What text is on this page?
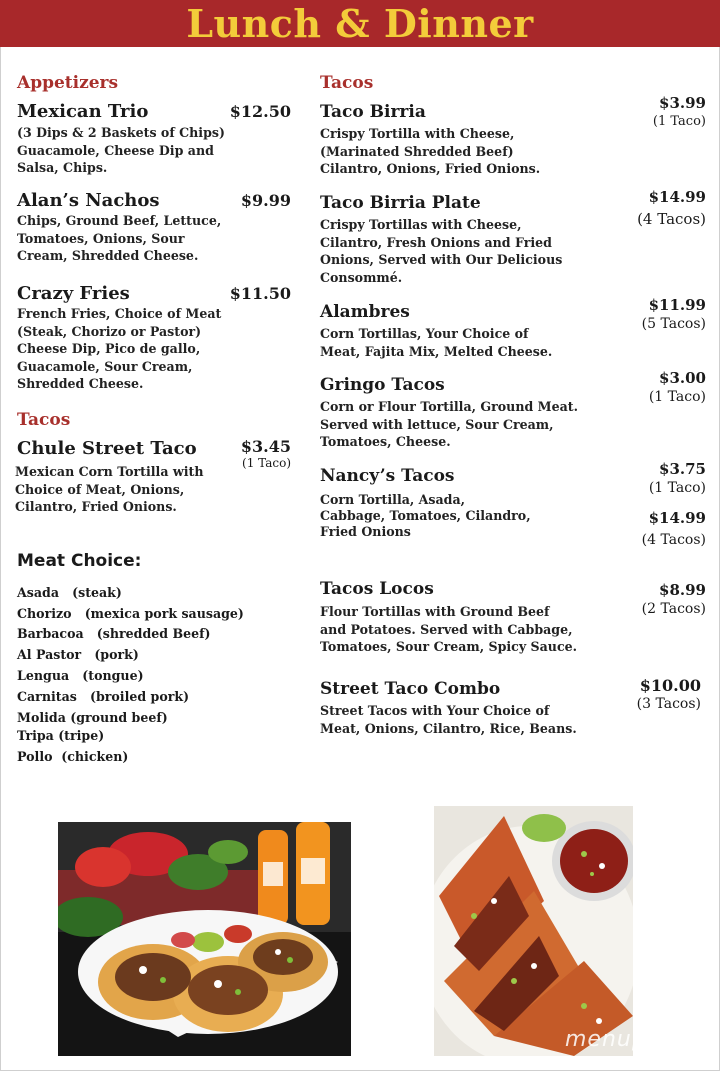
Lunch & Dinner
Appetizers
Mexican Trio	$12.50
(3 Dips & 2 Baskets of Chips)
Guacamole, Cheese Dip and
Salsa, Chips.
Alan’s Nachos	$9.99
Chips, Ground Beef, Lettuce,
Tomatoes, Onions, Sour
Cream, Shredded Cheese.
Crazy Fries	$11.50
French Fries, Choice of Meat
(Steak, Chorizo or Pastor)
Cheese Dip, Pico de gallo,
Guacamole, Sour Cream,
Shredded Cheese.
Tacos
Chule Street Taco	$3.45
(1 Taco)
Mexican Corn Tortilla with
Choice of Meat, Onions,
Cilantro, Fried Onions.
Meat Choice:
Asada   (steak)
Chorizo   (mexica pork sausage)
Barbacoa   (shredded Beef)
Al Pastor   (pork)
Lengua   (tongue)
Carnitas   (broiled pork)
Molida (ground beef)
Tripa (tripe)
Pollo  (chicken)
Tacos
Taco Birria	$3.99
(1 Taco)
Crispy Tortilla with Cheese,
(Marinated Shredded Beef)
Cilantro, Onions, Fried Onions.
Taco Birria Plate	$14.99
(4 Tacos)
Crispy Tortillas with Cheese,
Cilantro, Fresh Onions and Fried
Onions, Served with Our Delicious
Consommé.
Alambres	$11.99
(5 Tacos)
Corn Tortillas, Your Choice of
Meat, Fajita Mix, Melted Cheese.
Gringo Tacos	$3.00
(1 Taco)
Corn or Flour Tortilla, Ground Meat.
Served with lettuce, Sour Cream,
Tomatoes, Cheese.
Nancy’s Tacos	$3.75
(1 Taco)
$14.99
(4 Tacos)
Corn Tortilla, Asada,
Cabbage, Tomatoes, Cilandro,
Fried Onions
Tacos Locos	$8.99
(2 Tacos)
Flour Tortillas with Ground Beef
and Potatoes. Served with Cabbage,
Tomatoes, Sour Cream, Spicy Sauce.
Street Taco Combo	$10.00
(3 Tacos)
Street Tacos with Your Choice of
Meat, Onions, Cilantro, Rice, Beans.
menupix
